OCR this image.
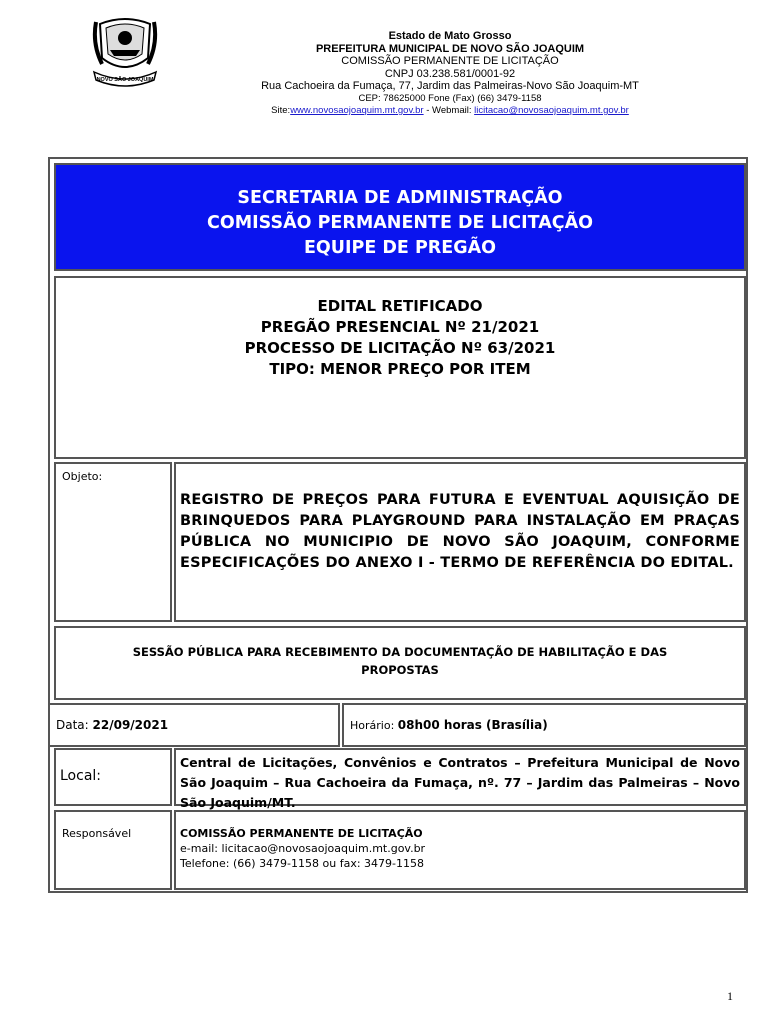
NOVO SÃO JOAQUIM
Estado de Mato Grosso
PREFEITURA MUNICIPAL DE NOVO SÃO JOAQUIM
COMISSÃO PERMANENTE DE LICITAÇÃO
CNPJ 03.238.581/0001-92
Rua Cachoeira da Fumaça, 77, Jardim das Palmeiras-Novo São Joaquim-MT
CEP: 78625000 Fone (Fax) (66) 3479-1158
Site:www.novosaojoaquim.mt.gov.br - Webmail: licitacao@novosaojoaquim.mt.gov.br
SECRETARIA DE ADMINISTRAÇÃO
COMISSÃO PERMANENTE DE LICITAÇÃO
EQUIPE DE PREGÃO
EDITAL RETIFICADO
PREGÃO PRESENCIAL Nº 21/2021
PROCESSO DE LICITAÇÃO Nº 63/2021
TIPO: MENOR PREÇO POR ITEM
Objeto:
REGISTRO DE PREÇOS PARA FUTURA E EVENTUAL AQUISIÇÃO DE BRINQUEDOS PARA PLAYGROUND PARA INSTALAÇÃO EM PRAÇAS PÚBLICA NO MUNICIPIO DE NOVO SÃO JOAQUIM, CONFORME ESPECIFICAÇÕES DO ANEXO I - TERMO DE REFERÊNCIA DO EDITAL.
SESSÃO PÚBLICA PARA RECEBIMENTO DA DOCUMENTAÇÃO DE HABILITAÇÃO E DAS
PROPOSTAS
Data: 22/09/2021	Horário: 08h00 horas (Brasília)
Local:
Central de Licitações, Convênios e Contratos – Prefeitura Municipal de Novo São Joaquim – Rua Cachoeira da Fumaça, nº. 77 – Jardim das Palmeiras – Novo São Joaquim/MT.
Responsável	COMISSÃO PERMANENTE DE LICITAÇÃO
e-mail: licitacao@novosaojoaquim.mt.gov.br
Telefone: (66) 3479-1158 ou fax: 3479-1158
1
